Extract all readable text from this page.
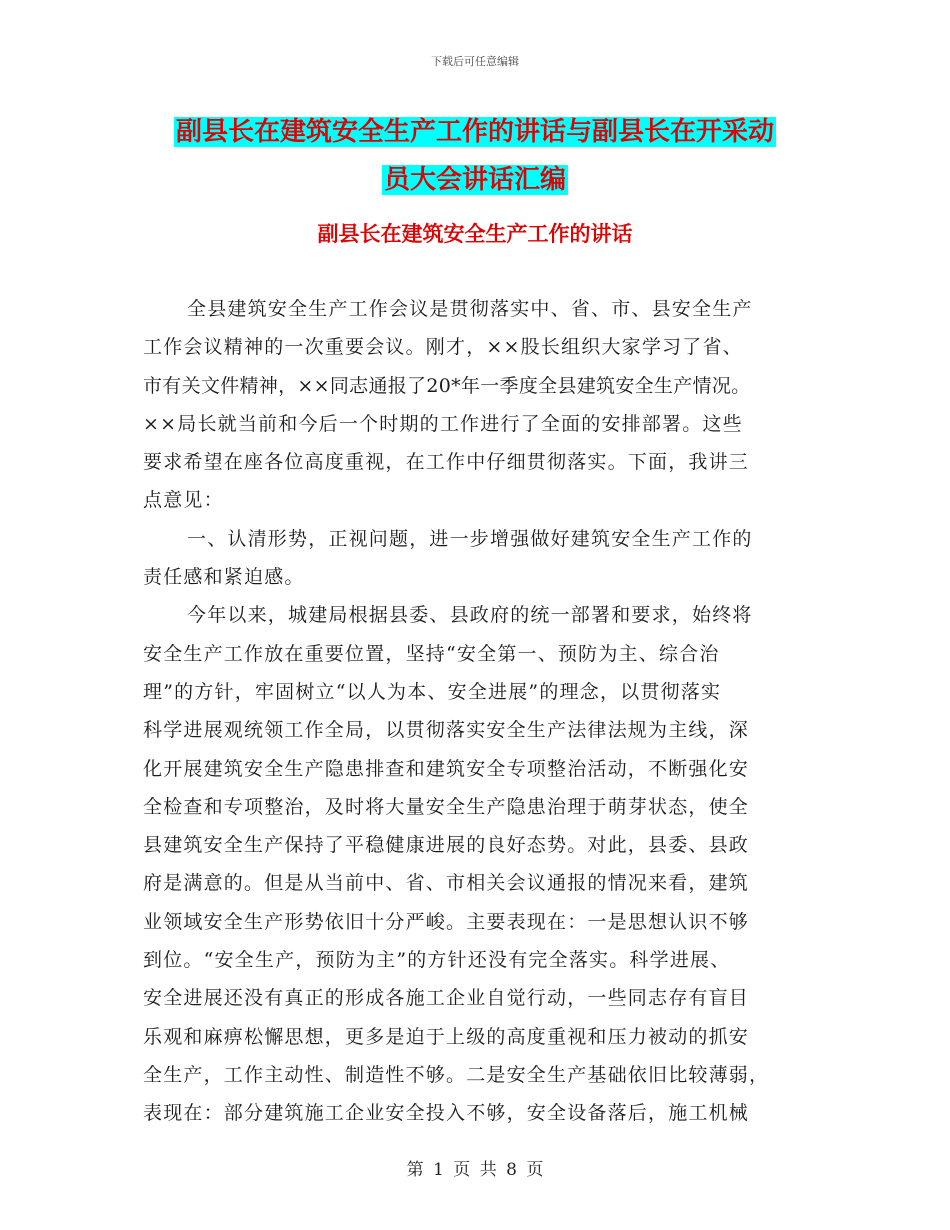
下载后可任意编辑
副县长在建筑安全生产工作的讲话与副县长在开采动
员大会讲话汇编
副县长在建筑安全生产工作的讲话
全县建筑安全生产工作会议是贯彻落实中、省、市、县安全生产
工作会议精神的一次重要会议。刚才，××股长组织大家学习了省、
市有关文件精神，××同志通报了20*年一季度全县建筑安全生产情况。
××局长就当前和今后一个时期的工作进行了全面的安排部署。这些
要求希望在座各位高度重视，在工作中仔细贯彻落实。下面，我讲三
点意见：
一、认清形势，正视问题，进一步增强做好建筑安全生产工作的
责任感和紧迫感。
今年以来，城建局根据县委、县政府的统一部署和要求，始终将
安全生产工作放在重要位置，坚持“安全第一、预防为主、综合治
理”的方针，牢固树立“以人为本、安全进展”的理念，以贯彻落实
科学进展观统领工作全局，以贯彻落实安全生产法律法规为主线，深
化开展建筑安全生产隐患排查和建筑安全专项整治活动，不断强化安
全检查和专项整治，及时将大量安全生产隐患治理于萌芽状态，使全
县建筑安全生产保持了平稳健康进展的良好态势。对此，县委、县政
府是满意的。但是从当前中、省、市相关会议通报的情况来看，建筑
业领域安全生产形势依旧十分严峻。主要表现在：一是思想认识不够
到位。“安全生产，预防为主”的方针还没有完全落实。科学进展、
安全进展还没有真正的形成各施工企业自觉行动，一些同志存有盲目
乐观和麻痹松懈思想，更多是迫于上级的高度重视和压力被动的抓安
全生产，工作主动性、制造性不够。二是安全生产基础依旧比较薄弱，
表现在：部分建筑施工企业安全投入不够，安全设备落后，施工机械
第 1 页 共 8 页
